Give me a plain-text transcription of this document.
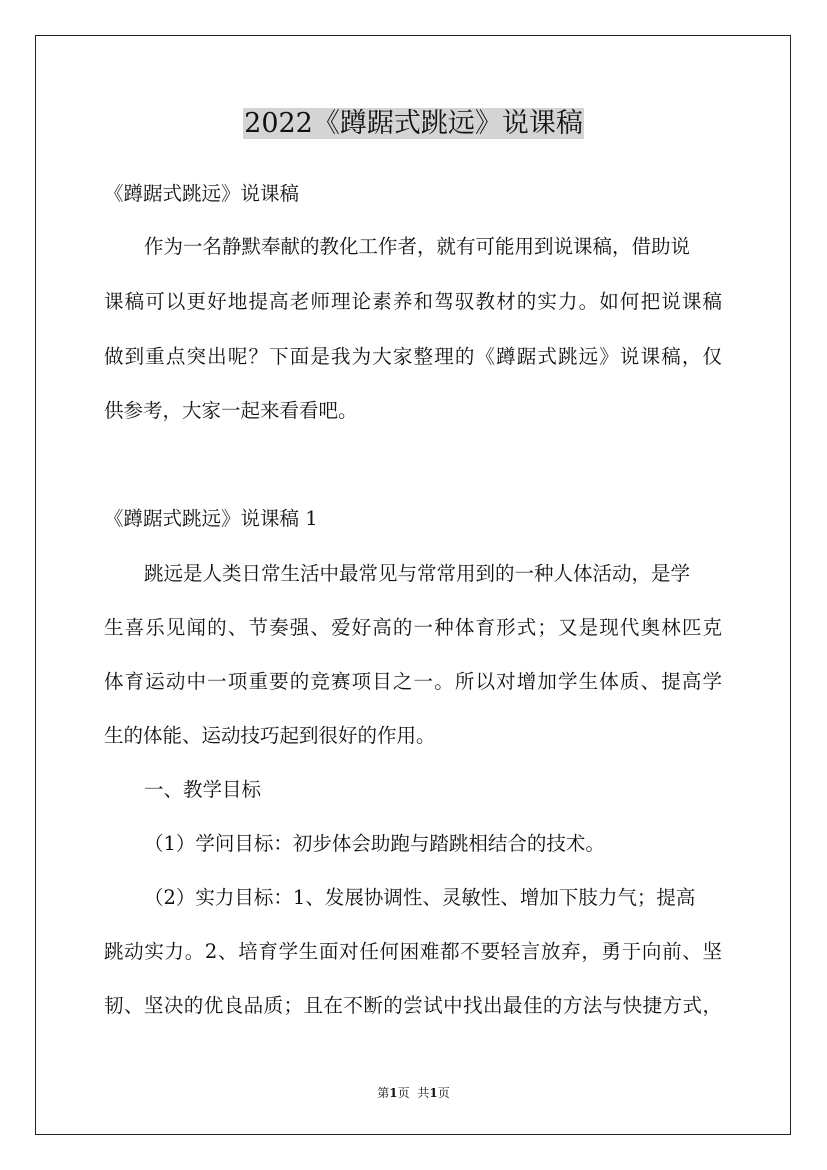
2022《蹲踞式跳远》说课稿

《蹲踞式跳远》说课稿

作为一名静默奉献的教化工作者，就有可能用到说课稿，借助说

课稿可以更好地提高老师理论素养和驾驭教材的实力。如何把说课稿

做到重点突出呢？下面是我为大家整理的《蹲踞式跳远》说课稿，仅

供参考，大家一起来看看吧。

《蹲踞式跳远》说课稿 1

跳远是人类日常生活中最常见与常常用到的一种人体活动，是学

生喜乐见闻的、节奏强、爱好高的一种体育形式；又是现代奥林匹克

体育运动中一项重要的竞赛项目之一。所以对增加学生体质、提高学

生的体能、运动技巧起到很好的作用。

一、教学目标

（1）学问目标：初步体会助跑与踏跳相结合的技术。

（2）实力目标：1、发展协调性、灵敏性、增加下肢力气；提高

跳动实力。2、培育学生面对任何困难都不要轻言放弃，勇于向前、坚

韧、坚决的优良品质；且在不断的尝试中找出最佳的方法与快捷方式，

第1页 共1页
